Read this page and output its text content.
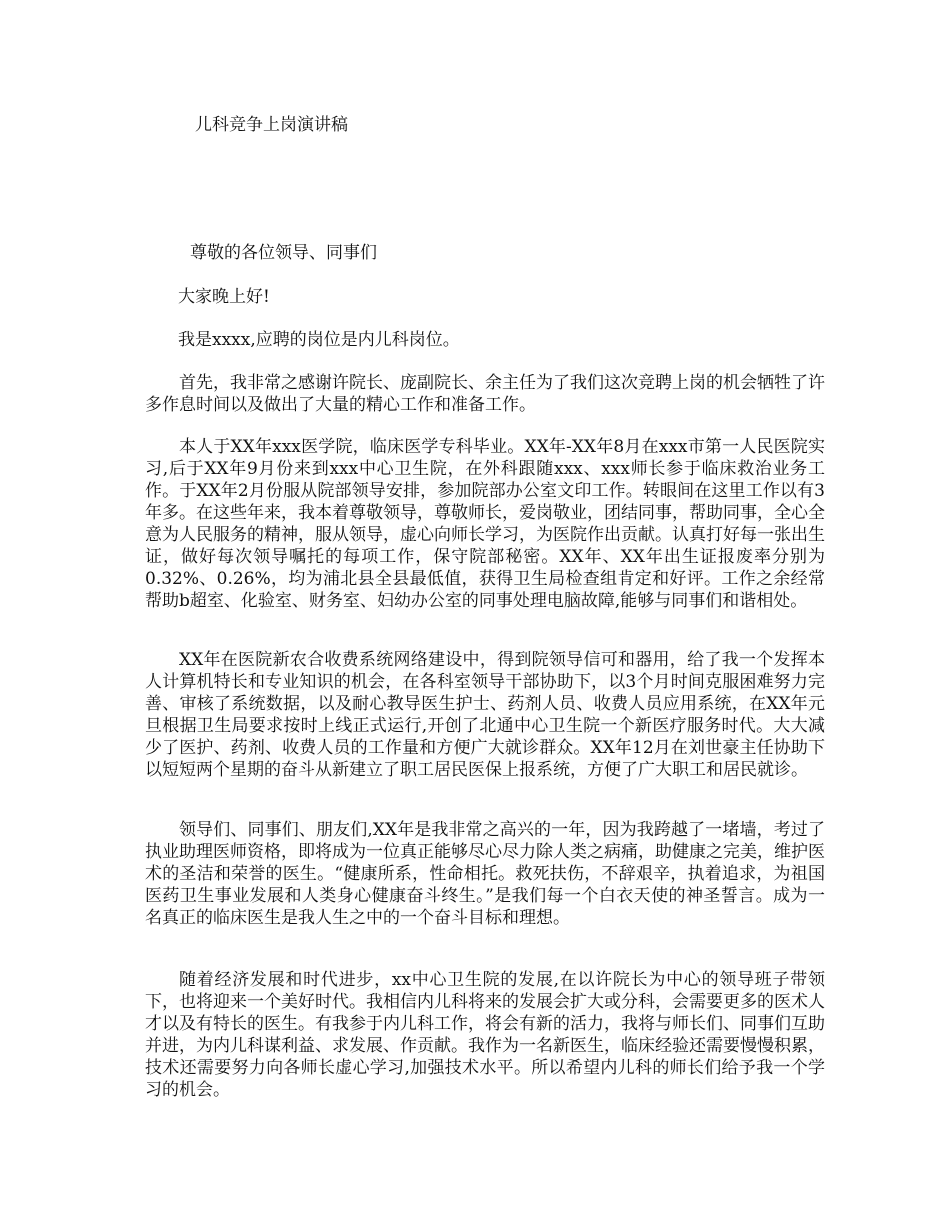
儿科竞争上岗演讲稿
尊敬的各位领导、同事们
大家晚上好!
我是xxxx,应聘的岗位是内儿科岗位。

首先，我非常之感谢许院长、庞副院长、余主任为了我们这次竞聘上岗的机会牺牲了许多作息时间以及做出了大量的精心工作和准备工作。

本人于XX年xxx医学院，临床医学专科毕业。XX年-XX年8月在xxx市第一人民医院实习,后于XX年9月份来到xxx中心卫生院，在外科跟随xxx、xxx师长参于临床救治业务工作。于XX年2月份服从院部领导安排，参加院部办公室文印工作。转眼间在这里工作以有3年多。在这些年来，我本着尊敬领导，尊敬师长，爱岗敬业，团结同事，帮助同事，全心全意为人民服务的精神，服从领导，虚心向师长学习，为医院作出贡献。认真打好每一张出生证，做好每次领导嘱托的每项工作，保守院部秘密。XX年、XX年出生证报废率分别为0.32%、0.26%，均为浦北县全县最低值，获得卫生局检查组肯定和好评。工作之余经常帮助b超室、化验室、财务室、妇幼办公室的同事处理电脑故障,能够与同事们和谐相处。

XX年在医院新农合收费系统网络建设中，得到院领导信可和器用，给了我一个发挥本人计算机特长和专业知识的机会，在各科室领导干部协助下，以3个月时间克服困难努力完善、审核了系统数据，以及耐心教导医生护士、药剂人员、收费人员应用系统，在XX年元旦根据卫生局要求按时上线正式运行,开创了北通中心卫生院一个新医疗服务时代。大大减少了医护、药剂、收费人员的工作量和方便广大就诊群众。XX年12月在刘世豪主任协助下以短短两个星期的奋斗从新建立了职工居民医保上报系统，方便了广大职工和居民就诊。

领导们、同事们、朋友们,XX年是我非常之高兴的一年，因为我跨越了一堵墙，考过了执业助理医师资格，即将成为一位真正能够尽心尽力除人类之病痛，助健康之完美，维护医术的圣洁和荣誉的医生。“健康所系，性命相托。救死扶伤，不辞艰辛，执着追求，为祖国医药卫生事业发展和人类身心健康奋斗终生。”是我们每一个白衣天使的神圣誓言。成为一名真正的临床医生是我人生之中的一个奋斗目标和理想。

随着经济发展和时代进步，xx中心卫生院的发展,在以许院长为中心的领导班子带领下，也将迎来一个美好时代。我相信内儿科将来的发展会扩大或分科，会需要更多的医术人才以及有特长的医生。有我参于内儿科工作，将会有新的活力，我将与师长们、同事们互助并进，为内儿科谋利益、求发展、作贡献。我作为一名新医生，临床经验还需要慢慢积累，技术还需要努力向各师长虚心学习,加强技术水平。所以希望内儿科的师长们给予我一个学习的机会。
